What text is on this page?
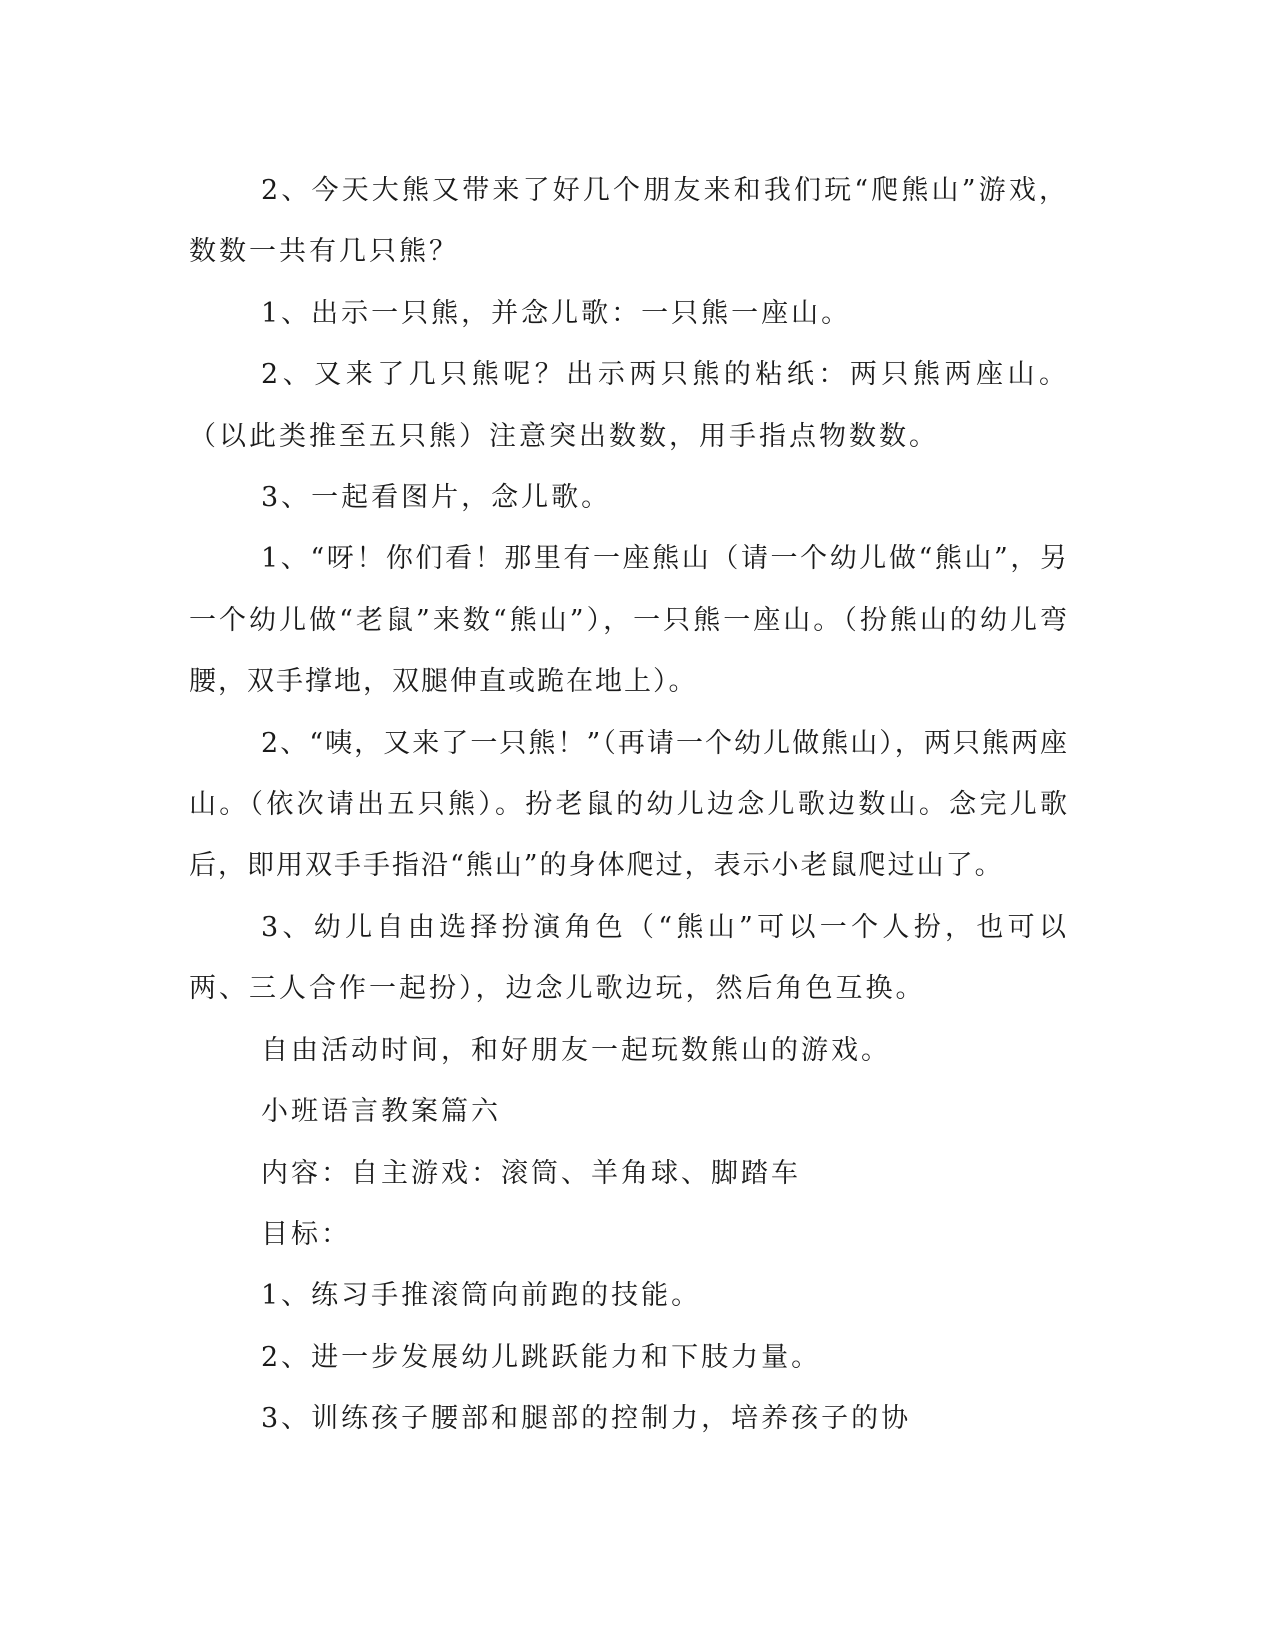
2、今天大熊又带来了好几个朋友来和我们玩“爬熊山”游戏，数数一共有几只熊？

1、出示一只熊，并念儿歌：一只熊一座山。

2、又来了几只熊呢？出示两只熊的粘纸：两只熊两座山。（以此类推至五只熊）注意突出数数，用手指点物数数。

3、一起看图片，念儿歌。

1、“呀！你们看！那里有一座熊山（请一个幼儿做“熊山”，另一个幼儿做“老鼠”来数“熊山”），一只熊一座山。（扮熊山的幼儿弯腰，双手撑地，双腿伸直或跪在地上）。

2、“咦，又来了一只熊！”（再请一个幼儿做熊山），两只熊两座山。（依次请出五只熊）。扮老鼠的幼儿边念儿歌边数山。念完儿歌后，即用双手手指沿“熊山”的身体爬过，表示小老鼠爬过山了。

3、幼儿自由选择扮演角色（“熊山”可以一个人扮，也可以两、三人合作一起扮），边念儿歌边玩，然后角色互换。

自由活动时间，和好朋友一起玩数熊山的游戏。

小班语言教案篇六

内容：自主游戏：滚筒、羊角球、脚踏车

目标：

1、练习手推滚筒向前跑的技能。

2、进一步发展幼儿跳跃能力和下肢力量。

3、训练孩子腰部和腿部的控制力，培养孩子的协
